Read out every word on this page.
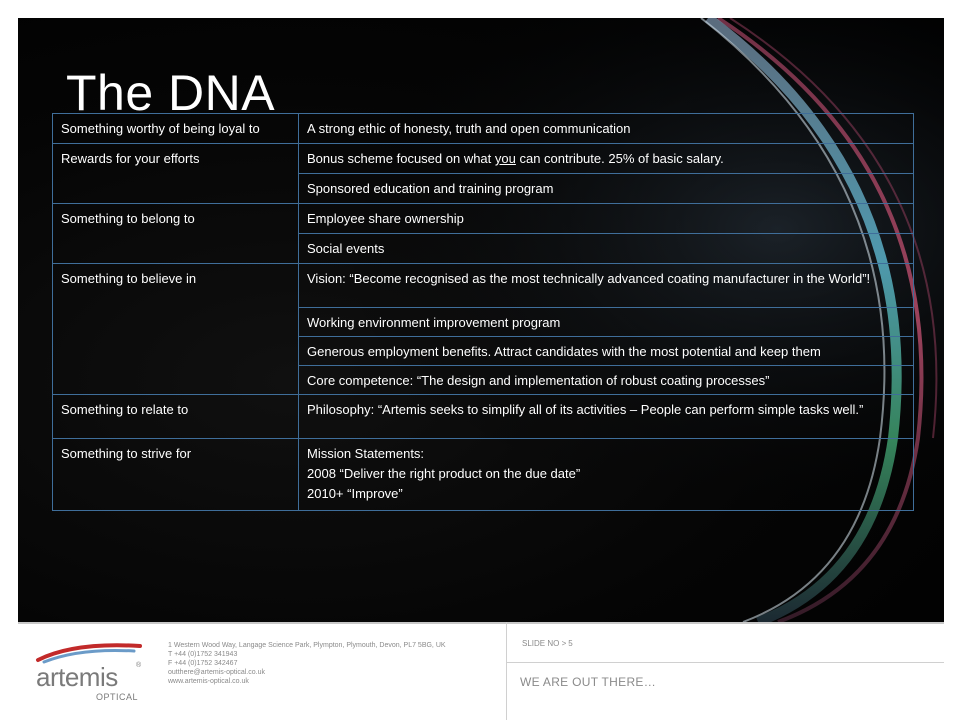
The DNA
Something worthy of being loyal to	A strong ethic of honesty, truth and open communication
Rewards for your efforts	Bonus scheme focused on what you can contribute. 25% of basic salary.
	Sponsored education and training program
Something to belong to	Employee share ownership
	Social events
Something to believe in	Vision: “Become recognised as the most technically advanced coating manufacturer in the World”!
	Working environment improvement program
	Generous employment benefits. Attract candidates with the most potential and keep them
	Core competence: “The design and implementation of robust coating processes”
Something to relate to	Philosophy: “Artemis seeks to simplify all of its activities – People can perform simple tasks well.”
Something to strive for	Mission Statements:
2008 “Deliver the right product on the due date”
2010+ “Improve”
artemis	®
OPTICAL
1 Western Wood Way, Langage Science Park, Plympton, Plymouth, Devon, PL7 5BG, UK
T +44 (0)1752 341943
F +44 (0)1752 342467
outthere@artemis-optical.co.uk
www.artemis-optical.co.uk
SLIDE NO > 5
WE ARE OUT THERE…
